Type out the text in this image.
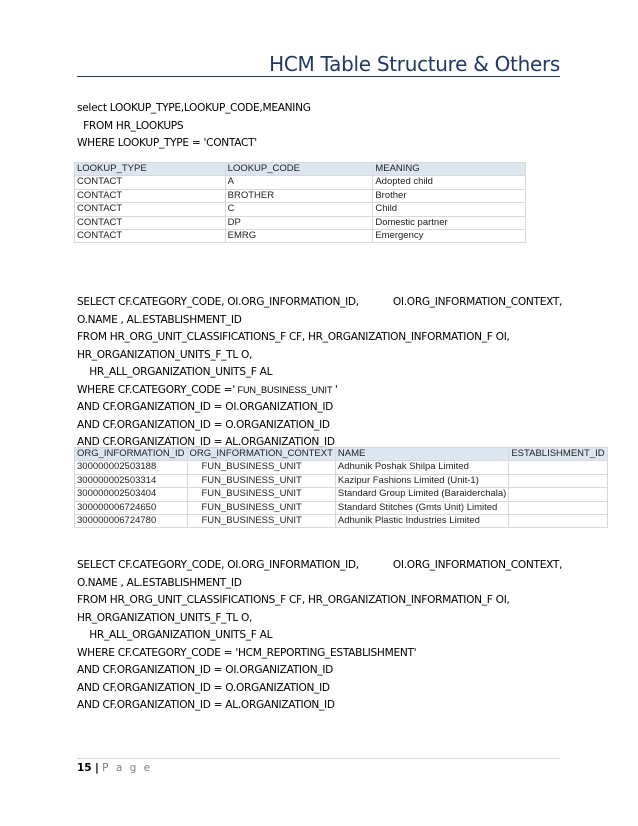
HCM Table Structure & Others
select LOOKUP_TYPE,LOOKUP_CODE,MEANING
FROM HR_LOOKUPS
WHERE LOOKUP_TYPE = 'CONTACT'
LOOKUP_TYPE	LOOKUP_CODE	MEANING
CONTACT	A	Adopted child
CONTACT	BROTHER	Brother
CONTACT	C	Child
CONTACT	DP	Domestic partner
CONTACT	EMRG	Emergency
SELECT CF.CATEGORY_CODE, OI.ORG_INFORMATION_ID,	OI.ORG_INFORMATION_CONTEXT,
O.NAME , AL.ESTABLISHMENT_ID
FROM HR_ORG_UNIT_CLASSIFICATIONS_F CF, HR_ORGANIZATION_INFORMATION_F OI,
HR_ORGANIZATION_UNITS_F_TL O,
HR_ALL_ORGANIZATION_UNITS_F AL
WHERE CF.CATEGORY_CODE =' FUN_BUSINESS_UNIT '
AND CF.ORGANIZATION_ID = OI.ORGANIZATION_ID
AND CF.ORGANIZATION_ID = O.ORGANIZATION_ID
AND CF.ORGANIZATION_ID = AL.ORGANIZATION_ID
ORG_INFORMATION_ID	ORG_INFORMATION_CONTEXT	NAME	ESTABLISHMENT_ID
300000002503188	FUN_BUSINESS_UNIT	Adhunik Poshak Shilpa Limited	
300000002503314	FUN_BUSINESS_UNIT	Kazipur Fashions Limited (Unit-1)	
300000002503404	FUN_BUSINESS_UNIT	Standard Group Limited (Baraiderchala)	
300000006724650	FUN_BUSINESS_UNIT	Standard Stitches (Gmts Unit) Limited	
300000006724780	FUN_BUSINESS_UNIT	Adhunik Plastic Industries Limited	
SELECT CF.CATEGORY_CODE, OI.ORG_INFORMATION_ID,	OI.ORG_INFORMATION_CONTEXT,
O.NAME , AL.ESTABLISHMENT_ID
FROM HR_ORG_UNIT_CLASSIFICATIONS_F CF, HR_ORGANIZATION_INFORMATION_F OI,
HR_ORGANIZATION_UNITS_F_TL O,
HR_ALL_ORGANIZATION_UNITS_F AL
WHERE CF.CATEGORY_CODE = 'HCM_REPORTING_ESTABLISHMENT'
AND CF.ORGANIZATION_ID = OI.ORGANIZATION_ID
AND CF.ORGANIZATION_ID = O.ORGANIZATION_ID
AND CF.ORGANIZATION_ID = AL.ORGANIZATION_ID
15 | P a g e
